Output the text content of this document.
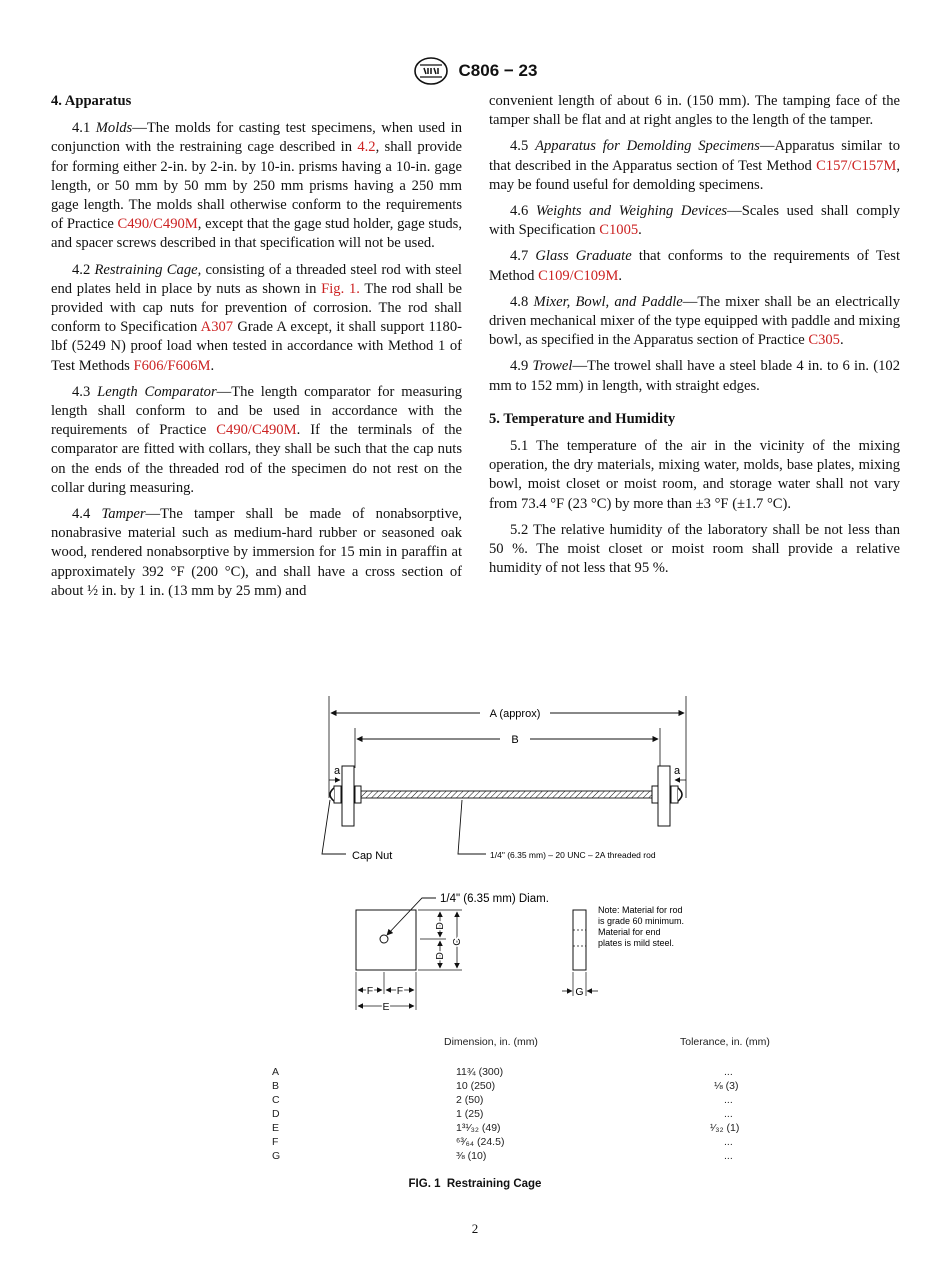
C806 − 23
4. Apparatus

4.1 Molds—The molds for casting test specimens, when used in conjunction with the restraining cage described in 4.2, shall provide for forming either 2-in. by 2-in. by 10-in. prisms having a 10-in. gage length, or 50 mm by 50 mm by 250 mm prisms having a 250 mm gage length. The molds shall otherwise conform to the requirements of Practice C490/C490M, except that the gage stud holder, gage studs, and spacer screws described in that specification will not be used.

4.2 Restraining Cage, consisting of a threaded steel rod with steel end plates held in place by nuts as shown in Fig. 1. The rod shall be provided with cap nuts for prevention of corrosion. The rod shall conform to Specification A307 Grade A except, it shall support 1180-lbf (5249 N) proof load when tested in accordance with Method 1 of Test Methods F606/F606M.

4.3 Length Comparator—The length comparator for measuring length shall conform to and be used in accordance with the requirements of Practice C490/C490M. If the terminals of the comparator are fitted with collars, they shall be such that the cap nuts on the ends of the threaded rod of the specimen do not rest on the collar during measuring.

4.4 Tamper—The tamper shall be made of nonabsorptive, nonabrasive material such as medium-hard rubber or seasoned oak wood, rendered nonabsorptive by immersion for 15 min in paraffin at approximately 392 °F (200 °C), and shall have a cross section of about ½ in. by 1 in. (13 mm by 25 mm) and

convenient length of about 6 in. (150 mm). The tamping face of the tamper shall be flat and at right angles to the length of the tamper.

4.5 Apparatus for Demolding Specimens—Apparatus similar to that described in the Apparatus section of Test Method C157/C157M, may be found useful for demolding specimens.

4.6 Weights and Weighing Devices—Scales used shall comply with Specification C1005.

4.7 Glass Graduate that conforms to the requirements of Test Method C109/C109M.

4.8 Mixer, Bowl, and Paddle—The mixer shall be an electrically driven mechanical mixer of the type equipped with paddle and mixing bowl, as specified in the Apparatus section of Practice C305.

4.9 Trowel—The trowel shall have a steel blade 4 in. to 6 in. (102 mm to 152 mm) in length, with straight edges.

5. Temperature and Humidity

5.1 The temperature of the air in the vicinity of the mixing operation, the dry materials, mixing water, molds, base plates, mixing bowl, moist closet or moist room, and storage water shall not vary from 73.4 °F (23 °C) by more than ±3 °F (±1.7 °C).

5.2 The relative humidity of the laboratory shall be not less than 50 %. The moist closet or moist room shall provide a relative humidity of not less that 95 %.

A (approx)
B
a	a
Cap Nut	1/4" (6.35 mm) – 20 UNC – 2A threaded rod
1/4" (6.35 mm) Diam.
D
D
C
F F
E
G
Note: Material for rod
is grade 60 minimum.
Material for end
plates is mild steel.
Dimension, in. (mm)	Tolerance, in. (mm)
A	11¾ (300)	...
B	10 (250)	⅛ (3)
C	2 (50)	...
D	1 (25)	...
E	1³¹⁄₃₂ (49)	¹⁄₃₂ (1)
F	⁶³⁄₆₄ (24.5)	...
G	⅜ (10)	...
FIG. 1 Restraining Cage
2
